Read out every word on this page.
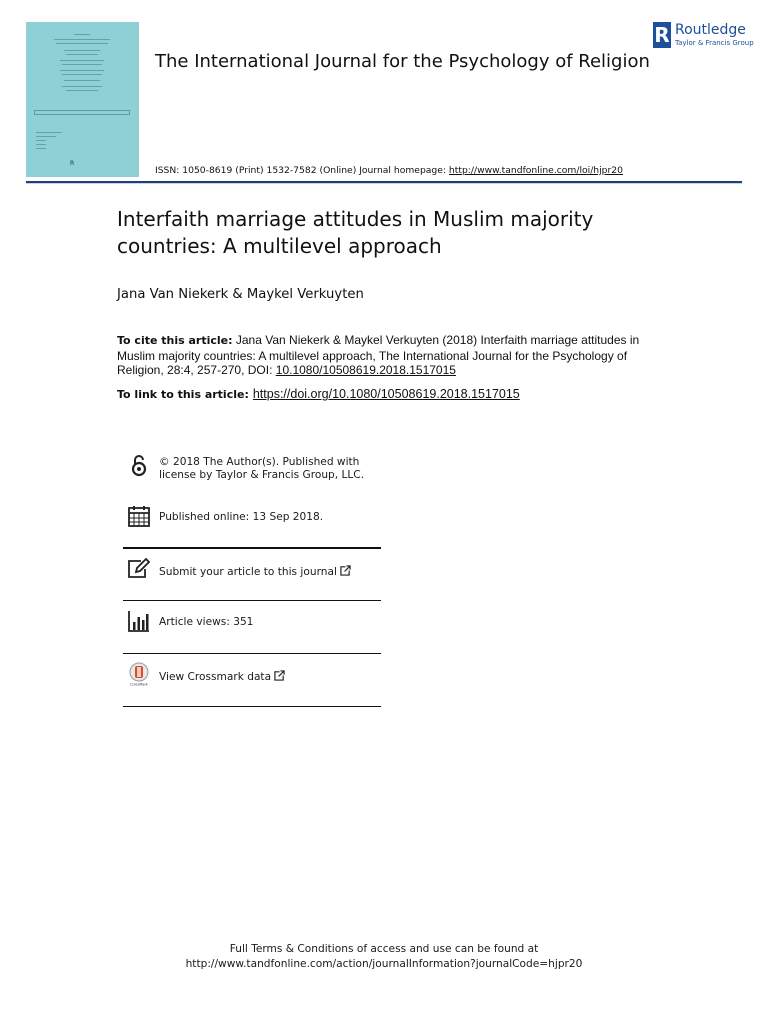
R
The International Journal for the Psychology of Religion
R Routledge
Taylor & Francis Group
ISSN: 1050-8619 (Print) 1532-7582 (Online) Journal homepage: http://www.tandfonline.com/loi/hjpr20
Interfaith marriage attitudes in Muslim majority countries: A multilevel approach

Jana Van Niekerk & Maykel Verkuyten

To cite this article: Jana Van Niekerk & Maykel Verkuyten (2018) Interfaith marriage attitudes in Muslim majority countries: A multilevel approach, The International Journal for the Psychology of Religion, 28:4, 257-270, DOI: 10.1080/10508619.2018.1517015
To link to this article: https://doi.org/10.1080/10508619.2018.1517015
© 2018 The Author(s). Published with license by Taylor & Francis Group, LLC.
Published online: 13 Sep 2018.
Submit your article to this journal
Article views: 351
CrossMark
View Crossmark data
Full Terms & Conditions of access and use can be found at
http://www.tandfonline.com/action/journalInformation?journalCode=hjpr20
